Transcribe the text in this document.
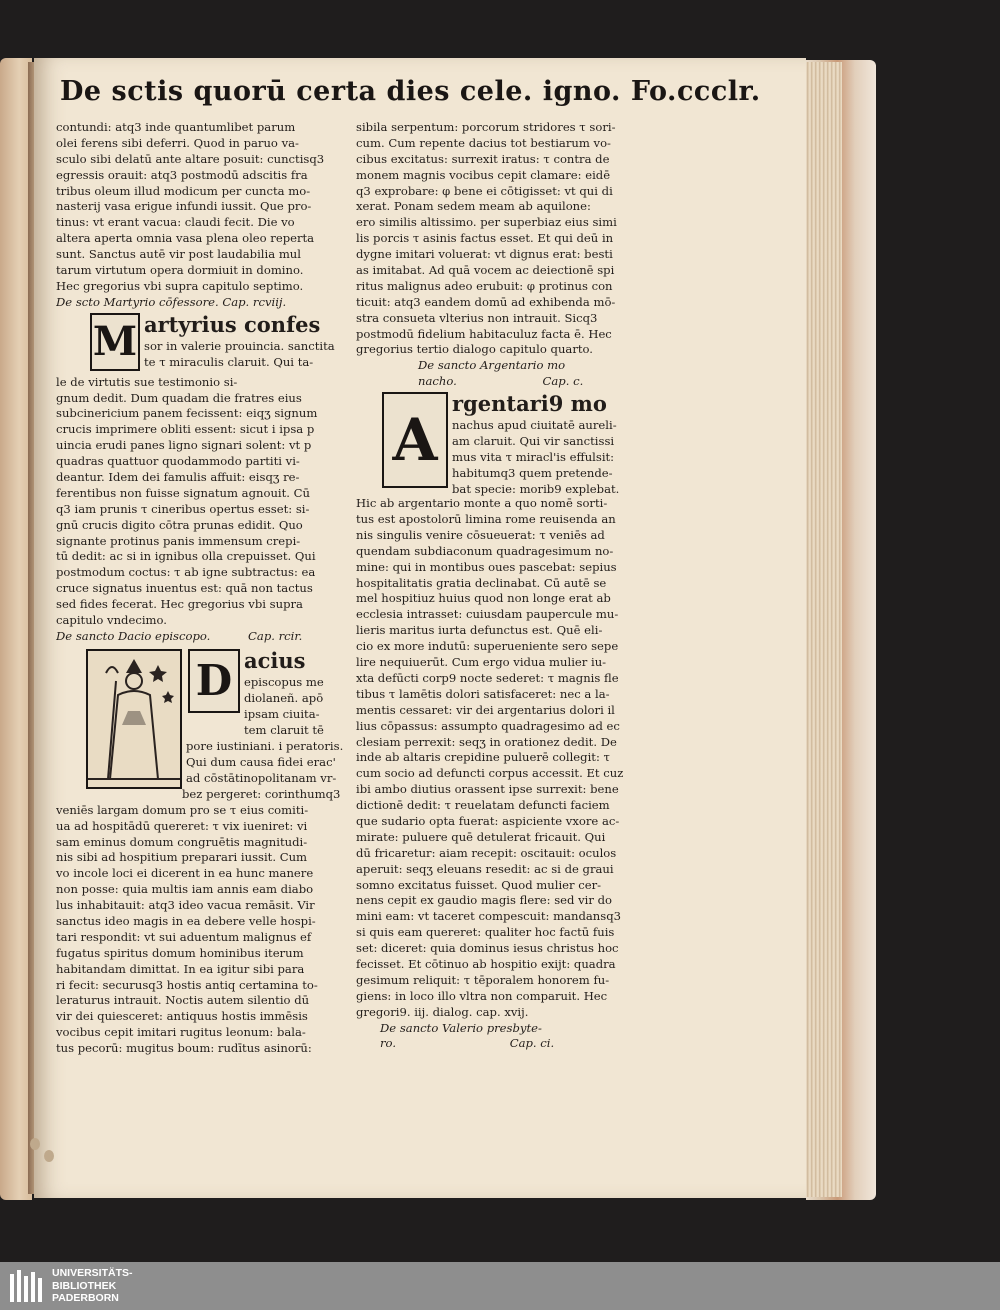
De sctis quorū certa dies cele. igno. Fo.ccclr.
contundi: atq3 inde quantumlibet parum
olei ferens sibi deferri. Quod in paruo va-
sculo sibi delatū ante altare posuit: cunctisq3
egressis orauit: atq3 postmodū adscitis fra
tribus oleum illud modicum per cuncta mo-
nasterij vasa erigue infundi iussit. Que pro-
tinus: vt erant vacua: claudi fecit. Die vo
altera aperta omnia vasa plena oleo reperta
sunt. Sanctus autē vir post laudabilia mul
tarum virtutum opera dormiuit in domino.
Hec gregorius vbi supra capitulo septimo.
De scto Martyrio cōfessore. Cap. rcviij.
M artyrius confes
sor in valerie prouincia. sanctita
te τ miraculis claruit. Qui ta-
le de virtutis sue testimonio si-
gnum dedit. Dum quadam die fratres eius
subcinericium panem fecissent: eiqʒ signum
crucis imprimere obliti essent: sicut i ipsa p
uincia erudi panes ligno signari solent: vt p
quadras quattuor quodammodo partiti vi-
deantur. Idem dei famulis affuit: eisqʒ re-
ferentibus non fuisse signatum agnouit. Cū
q3 iam prunis τ cineribus opertus esset: si-
gnū crucis digito cōtra prunas edidit. Quo
signante protinus panis immensum crepi-
tū dedit: ac si in ignibus olla crepuisset. Qui
postmodum coctus: τ ab igne subtractus: ea
cruce signatus inuentus est: quā non tactus
sed fides fecerat. Hec gregorius vbi supra
capitulo vndecimo.
De sancto Dacio episcopo.	Cap. rcir.
D acius
episcopus me
diolaneñ. apō
ipsam ciuita-
tem claruit tē
pore iustiniani. i peratoris.
Qui dum causa fidei erac'
ad cōstātinopolitanam vr-
bez pergeret: corinthumq3
veniēs largam domum pro se τ eius comiti-
ua ad hospitādū quereret: τ vix iueniret: vi
sam eminus domum congruētis magnitudi-
nis sibi ad hospitium preparari iussit. Cum
vo incole loci ei dicerent in ea hunc manere
non posse: quia multis iam annis eam diabo
lus inhabitauit: atq3 ideo vacua remāsit. Vir
sanctus ideo magis in ea debere velle hospi-
tari respondit: vt sui aduentum malignus ef
fugatus spiritus domum hominibus iterum
habitandam dimittat. In ea igitur sibi para
ri fecit: securusq3 hostis antiq certamina to-
leraturus intrauit. Noctis autem silentio dū
vir dei quiesceret: antiquus hostis immēsis
vocibus cepit imitari rugitus leonum: bala-
tus pecorū: mugitus boum: rudītus asinorū:
sibila serpentum: porcorum stridores τ sori-
cum. Cum repente dacius tot bestiarum vo-
cibus excitatus: surrexit iratus: τ contra de
monem magnis vocibus cepit clamare: eidē
q3 exprobare: φ bene ei cōtigisset: vt qui di
xerat. Ponam sedem meam ab aquilone:
ero similis altissimo. per superbiaz eius simi
lis porcis τ asinis factus esset. Et qui deū in
dygne imitari voluerat: vt dignus erat: besti
as imitabat. Ad quā vocem ac deiectionē spi
ritus malignus adeo erubuit: φ protinus con
ticuit: atq3 eandem domū ad exhibenda mō-
stra consueta vlterius non intrauit. Sicq3
postmodū fidelium habitaculuz facta ē. Hec
gregorius tertio dialogo capitulo quarto.
De sancto Argentario mo
nacho.	Cap. c.
A
rgentari9 mo
nachus apud ciuitatē aureli-
am claruit. Qui vir sanctissi
mus vita τ miracl'is effulsit:
habitumq3 quem pretende-
bat specie: morib9 explebat.
Hic ab argentario monte a quo nomē sorti-
tus est apostolorū limina rome reuisenda an
nis singulis venire cōsueuerat: τ veniēs ad
quendam subdiaconum quadragesimum no-
mine: qui in montibus oues pascebat: sepius
hospitalitatis gratia declinabat. Cū autē se
mel hospitiuz huius quod non longe erat ab
ecclesia intrasset: cuiusdam paupercule mu-
lieris maritus iurta defunctus est. Quē eli-
cio ex more indutū: superueniente sero sepe
lire nequiuerūt. Cum ergo vidua mulier iu-
xta defūcti corp9 nocte sederet: τ magnis fle
tibus τ lamētis dolori satisfaceret: nec a la-
mentis cessaret: vir dei argentarius dolori il
lius cōpassus: assumpto quadragesimo ad ec
clesiam perrexit: seqʒ in orationez dedit. De
inde ab altaris crepidine puluerē collegit: τ
cum socio ad defuncti corpus accessit. Et cuz
ibi ambo diutius orassent ipse surrexit: bene
dictionē dedit: τ reuelatam defuncti faciem
que sudario opta fuerat: aspiciente vxore ac-
mirate: puluere quē detulerat fricauit. Qui
dū fricaretur: aiam recepit: oscitauit: oculos
aperuit: seqʒ eleuans resedit: ac si de graui
somno excitatus fuisset. Quod mulier cer-
nens cepit ex gaudio magis flere: sed vir do
mini eam: vt taceret compescuit: mandansq3
si quis eam quereret: qualiter hoc factū fuis
set: diceret: quia dominus iesus christus hoc
fecisset. Et cōtinuo ab hospitio exijt: quadra
gesimum reliquit: τ tēporalem honorem fu-
giens: in loco illo vltra non comparuit. Hec
gregori9. iij. dialog. cap. xvij.
De sancto Valerio presbyte-
ro.	Cap. ci.
UNIVERSITÄTS-
BIBLIOTHEK
PADERBORN
